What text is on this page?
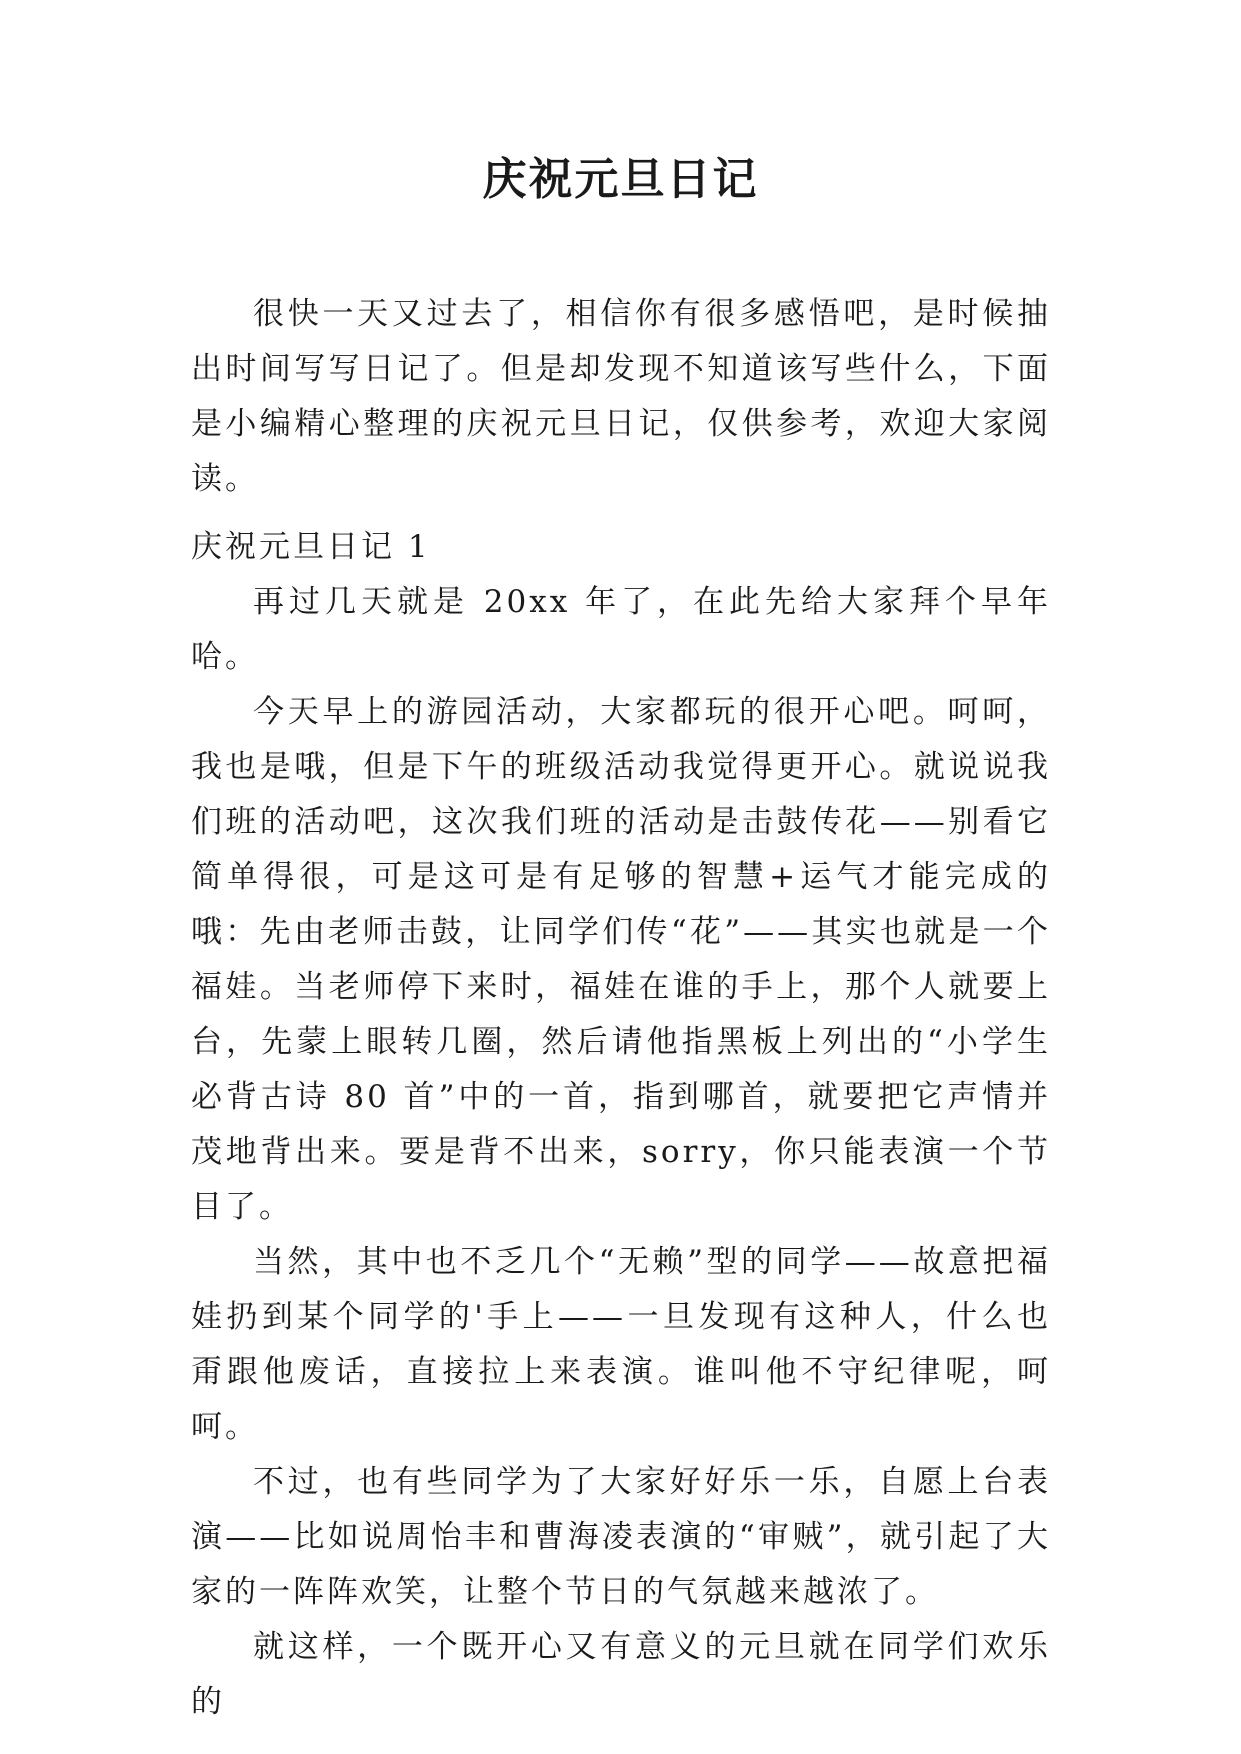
庆祝元旦日记

很快一天又过去了，相信你有很多感悟吧，是时候抽出时间写写日记了。但是却发现不知道该写些什么，下面是小编精心整理的庆祝元旦日记，仅供参考，欢迎大家阅读。

庆祝元旦日记 1

再过几天就是 20xx 年了，在此先给大家拜个早年哈。

今天早上的游园活动，大家都玩的很开心吧。呵呵，我也是哦，但是下午的班级活动我觉得更开心。就说说我们班的活动吧，这次我们班的活动是击鼓传花——别看它简单得很，可是这可是有足够的智慧+运气才能完成的哦：先由老师击鼓，让同学们传“花”——其实也就是一个福娃。当老师停下来时，福娃在谁的手上，那个人就要上台，先蒙上眼转几圈，然后请他指黑板上列出的“小学生必背古诗 80 首”中的一首，指到哪首，就要把它声情并茂地背出来。要是背不出来，sorry，你只能表演一个节目了。

当然，其中也不乏几个“无赖”型的同学——故意把福娃扔到某个同学的'手上——一旦发现有这种人，什么也甭跟他废话，直接拉上来表演。谁叫他不守纪律呢，呵呵。

不过，也有些同学为了大家好好乐一乐，自愿上台表演——比如说周怡丰和曹海凌表演的“审贼”，就引起了大家的一阵阵欢笑，让整个节日的气氛越来越浓了。

就这样，一个既开心又有意义的元旦就在同学们欢乐的
